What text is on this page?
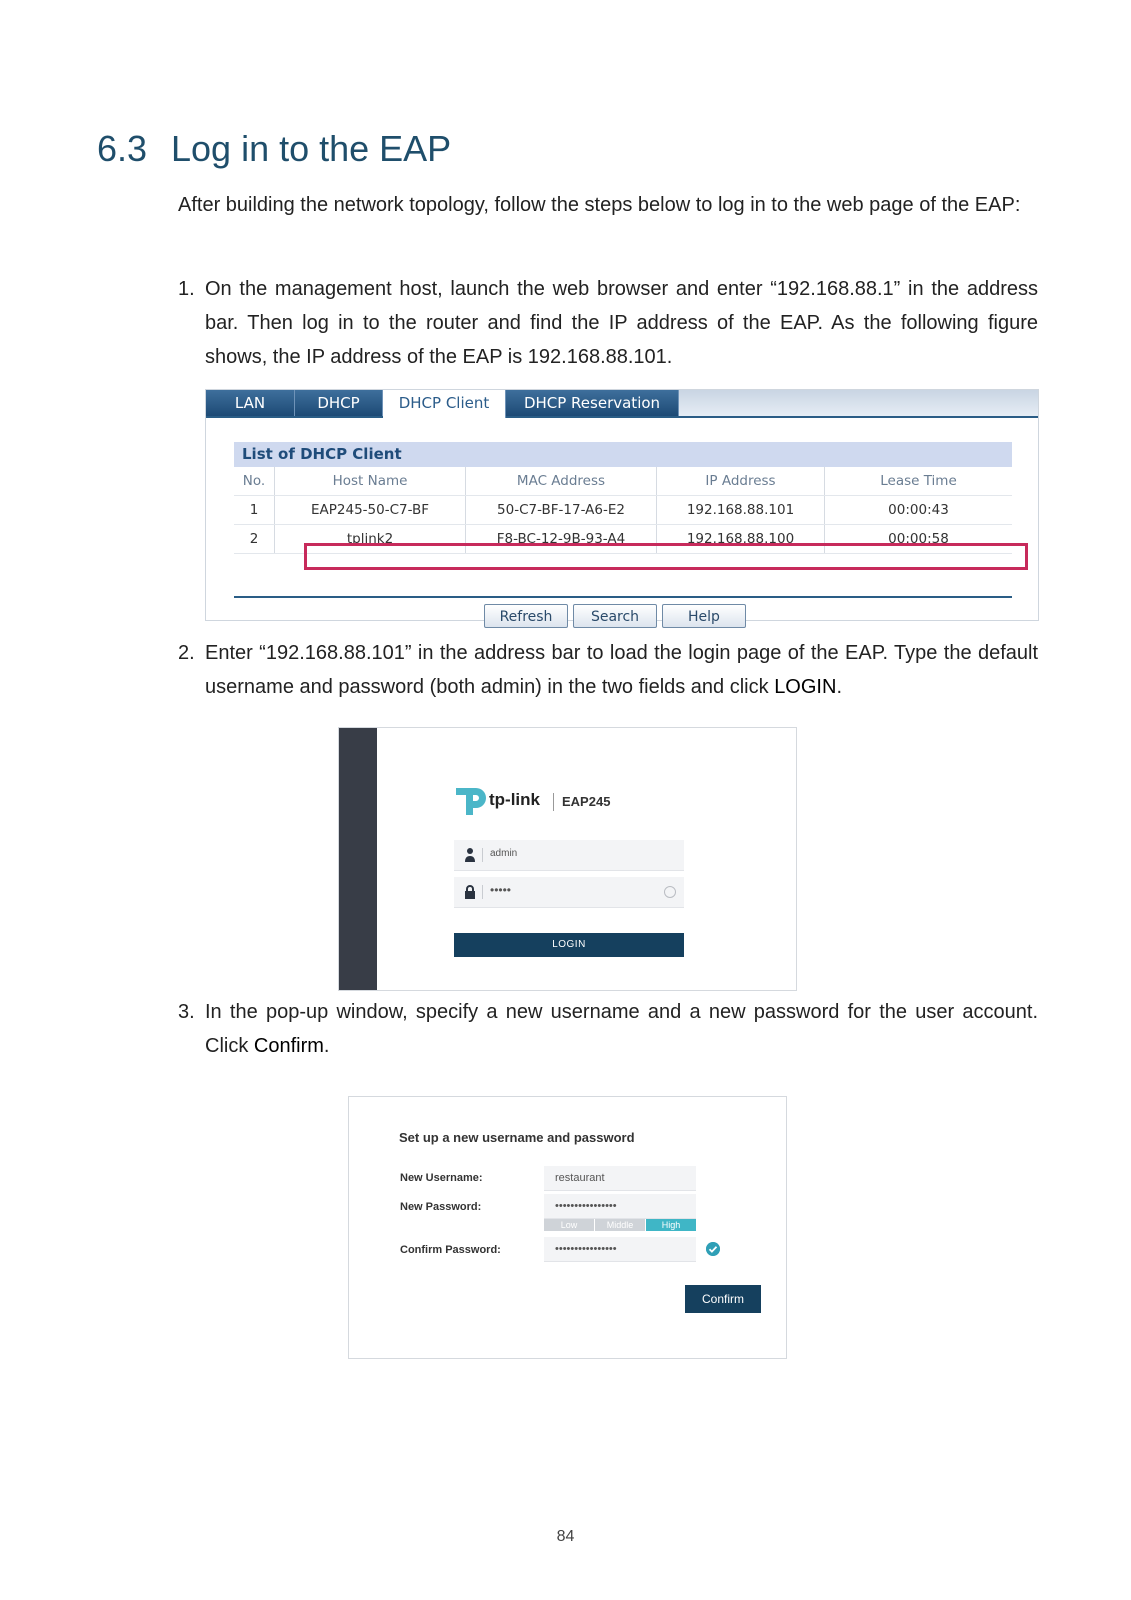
6.3 Log in to the EAP
After building the network topology, follow the steps below to log in to the web page of the EAP:
1. On the management host, launch the web browser and enter “192.168.88.1” in the address bar. Then log in to the router and find the IP address of the EAP. As the following figure shows, the IP address of the EAP is 192.168.88.101.
LAN	DHCP	DHCP Client	DHCP Reservation
List of DHCP Client
No.	Host Name	MAC Address	IP Address	Lease Time
1	EAP245-50-C7-BF	50-C7-BF-17-A6-E2	192.168.88.101	00:00:43
2	tplink2	F8-BC-12-9B-93-A4	192.168.88.100	00:00:58
Refresh	Search	Help
2. Enter “192.168.88.101” in the address bar to load the login page of the EAP. Type the default username and password (both admin) in the two fields and click LOGIN.
tp-link EAP245
admin
•••••
LOGIN
3. In the pop-up window, specify a new username and a new password for the user account. Click Confirm.
Set up a new username and password
New Username:	restaurant
New Password:	••••••••••••••••
Low	Middle	High
Confirm Password:	••••••••••••••••
Confirm
84
